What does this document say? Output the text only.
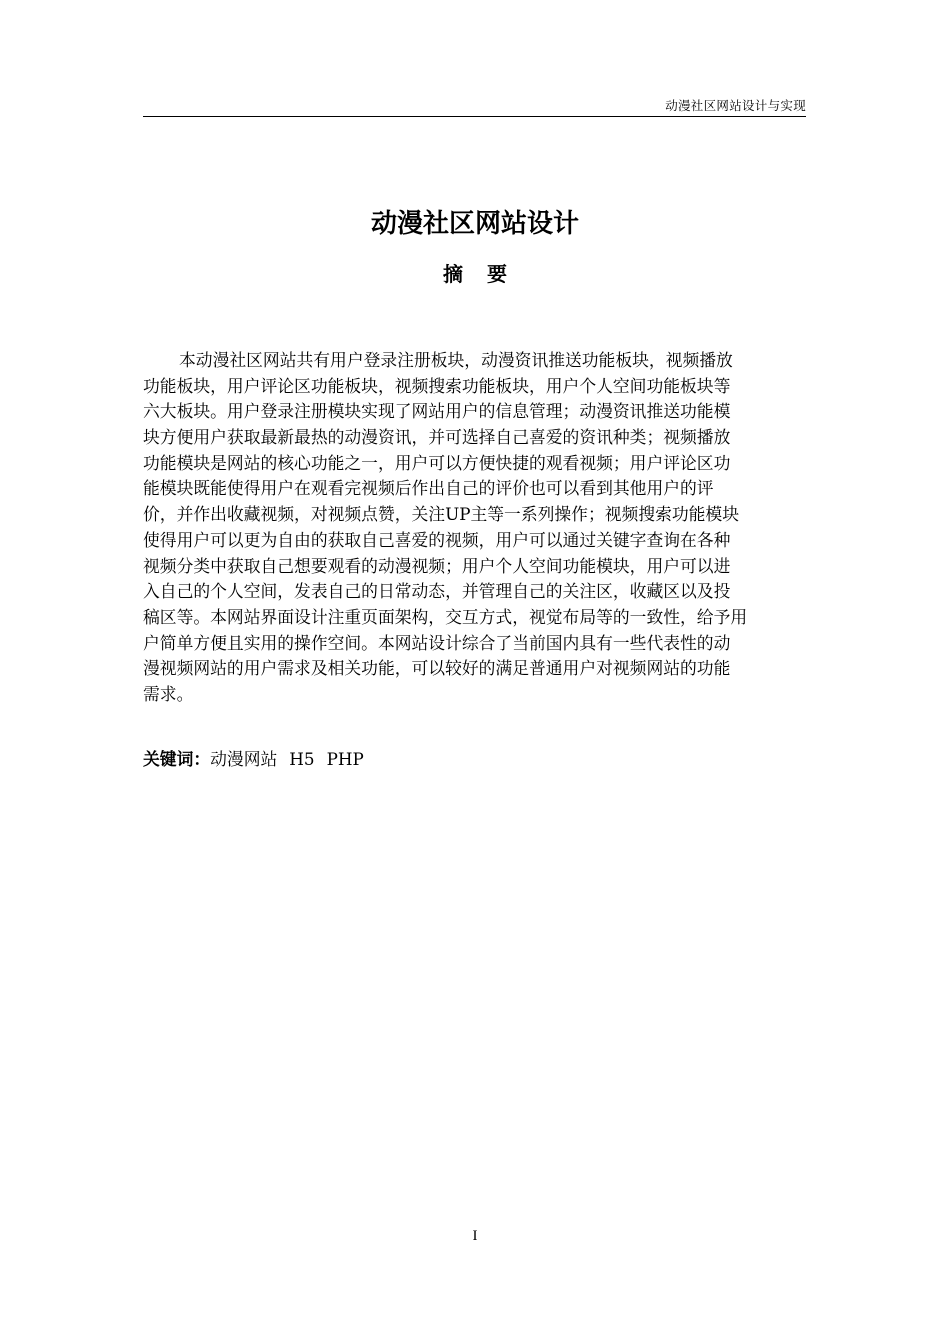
动漫社区网站设计与实现
动漫社区网站设计
摘要
本动漫社区网站共有用户登录注册板块，动漫资讯推送功能板块，视频播放
功能板块，用户评论区功能板块，视频搜索功能板块，用户个人空间功能板块等
六大板块。用户登录注册模块实现了网站用户的信息管理；动漫资讯推送功能模
块方便用户获取最新最热的动漫资讯，并可选择自己喜爱的资讯种类；视频播放
功能模块是网站的核心功能之一，用户可以方便快捷的观看视频；用户评论区功
能模块既能使得用户在观看完视频后作出自己的评价也可以看到其他用户的评
价，并作出收藏视频，对视频点赞，关注UP主等一系列操作；视频搜索功能模块
使得用户可以更为自由的获取自己喜爱的视频，用户可以通过关键字查询在各种
视频分类中获取自己想要观看的动漫视频；用户个人空间功能模块，用户可以进
入自己的个人空间，发表自己的日常动态，并管理自己的关注区，收藏区以及投
稿区等。本网站界面设计注重页面架构，交互方式，视觉布局等的一致性，给予用
户简单方便且实用的操作空间。本网站设计综合了当前国内具有一些代表性的动
漫视频网站的用户需求及相关功能，可以较好的满足普通用户对视频网站的功能
需求。
关键词：动漫网站 H5 PHP
I
